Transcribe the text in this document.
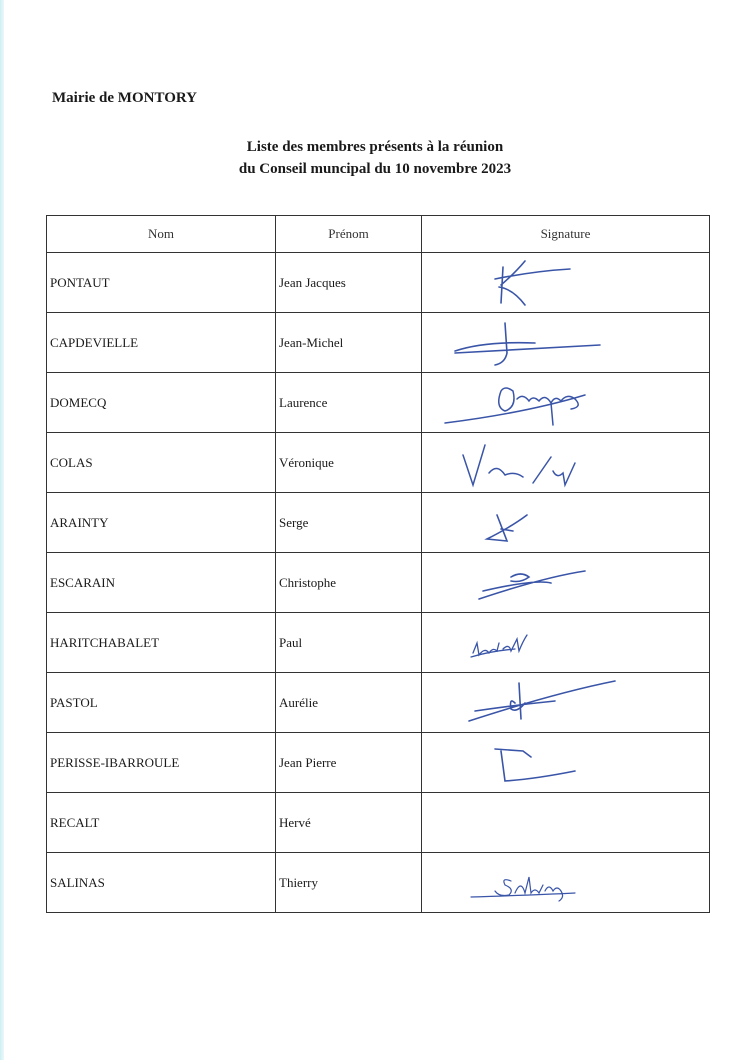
Mairie de MONTORY
Liste des membres présents à la réunion
du Conseil muncipal du 10 novembre 2023
Nom	Prénom	Signature
PONTAUT	Jean Jacques	

CAPDEVIELLE	Jean-Michel	

DOMECQ	Laurence	

COLAS	Véronique	

ARAINTY	Serge	

ESCARAIN	Christophe	

HARITCHABALET	Paul	

PASTOL	Aurélie	

PERISSE-IBARROULE	Jean Pierre	

RECALT	Hervé	
SALINAS	Thierry	
